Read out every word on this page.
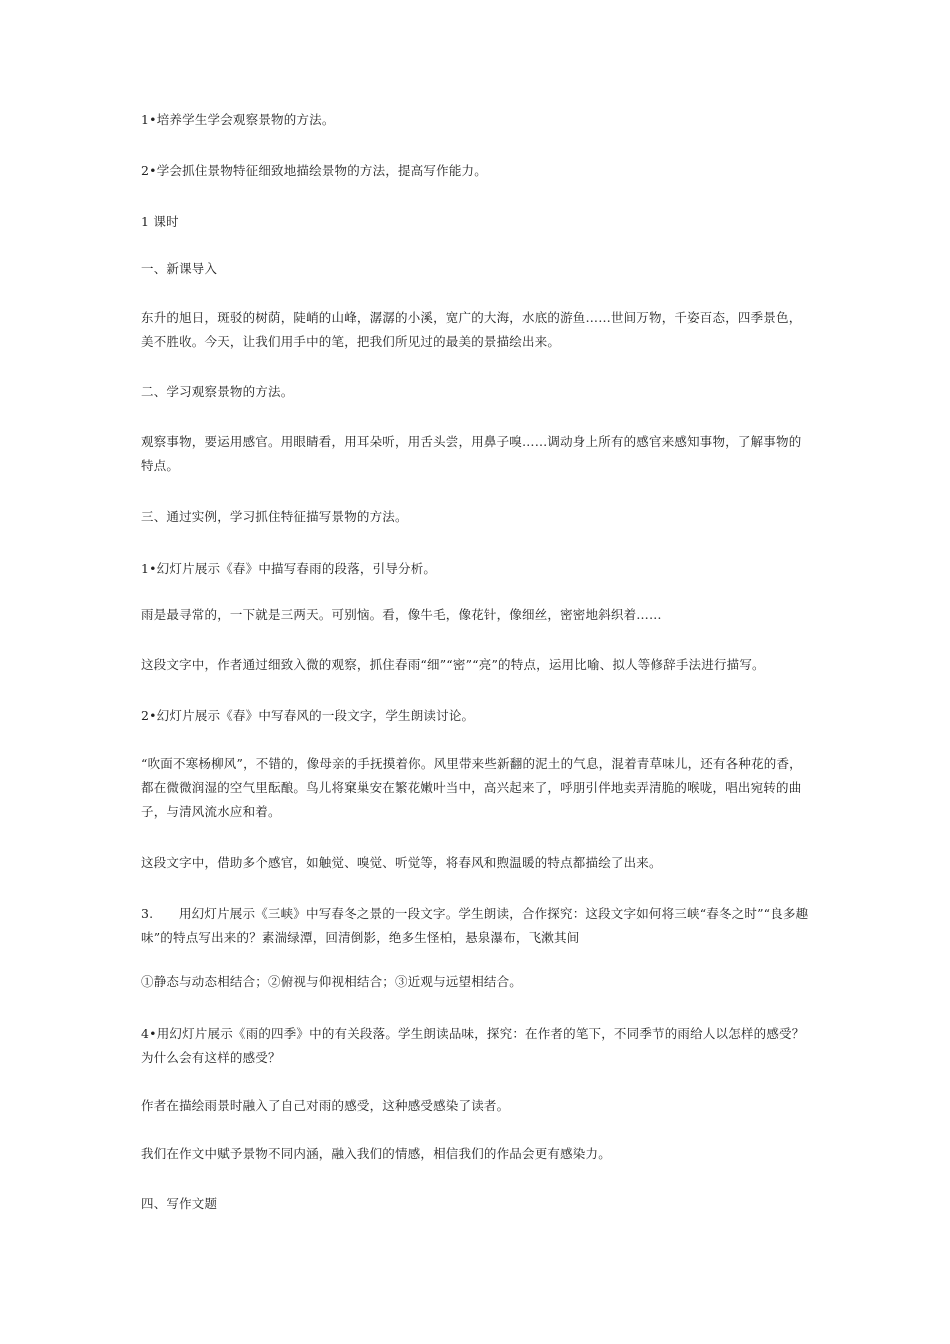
1•培养学生学会观察景物的方法。

2•学会抓住景物特征细致地描绘景物的方法，提高写作能力。

1 课时

一、新课导入

东升的旭日，斑驳的树荫，陡峭的山峰，潺潺的小溪，宽广的大海，水底的游鱼……世间万物，千姿百态，四季景色，美不胜收。今天，让我们用手中的笔，把我们所见过的最美的景描绘出来。

二、学习观察景物的方法。

观察事物，要运用感官。用眼睛看，用耳朵听，用舌头尝，用鼻子嗅……调动身上所有的感官来感知事物，了解事物的特点。

三、通过实例，学习抓住特征描写景物的方法。

1•幻灯片展示《春》中描写春雨的段落，引导分析。

雨是最寻常的，一下就是三两天。可别恼。看，像牛毛，像花针，像细丝，密密地斜织着……

这段文字中，作者通过细致入微的观察，抓住春雨“细”“密”“亮”的特点，运用比喻、拟人等修辞手法进行描写。

2•幻灯片展示《春》中写春风的一段文字，学生朗读讨论。

“吹面不寒杨柳风”，不错的，像母亲的手抚摸着你。风里带来些新翻的泥土的气息，混着青草味儿，还有各种花的香，都在微微润湿的空气里酝酿。鸟儿将窠巢安在繁花嫩叶当中，高兴起来了，呼朋引伴地卖弄清脆的喉咙，唱出宛转的曲子，与清风流水应和着。

这段文字中，借助多个感官，如触觉、嗅觉、听觉等，将春风和煦温暖的特点都描绘了出来。

3. 用幻灯片展示《三峡》中写春冬之景的一段文字。学生朗读，合作探究：这段文字如何将三峡“春冬之时”“良多趣味”的特点写出来的？素湍绿潭，回清倒影，绝多生怪柏，悬泉瀑布，飞漱其间

①静态与动态相结合；②俯视与仰视相结合；③近观与远望相结合。

4•用幻灯片展示《雨的四季》中的有关段落。学生朗读品味，探究：在作者的笔下，不同季节的雨给人以怎样的感受？为什么会有这样的感受？

作者在描绘雨景时融入了自己对雨的感受，这种感受感染了读者。

我们在作文中赋予景物不同内涵，融入我们的情感，相信我们的作品会更有感染力。

四、写作文题
